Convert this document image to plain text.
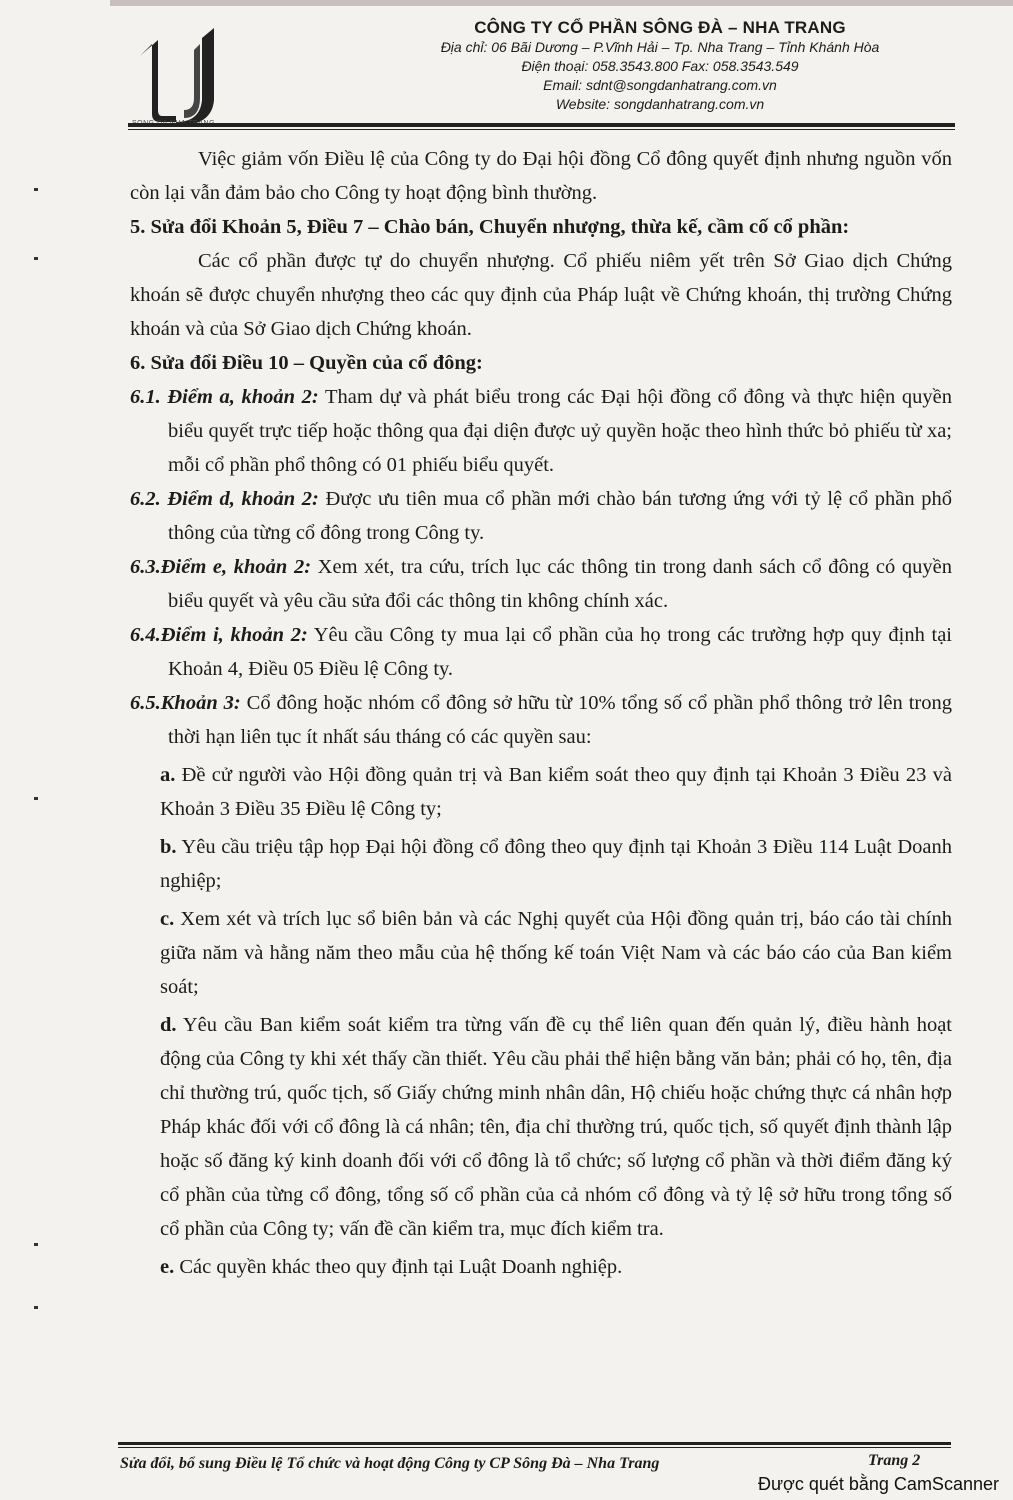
CÔNG TY CỔ PHẦN SÔNG ĐÀ – NHA TRANG
Địa chỉ: 06 Bãi Dương – P.Vĩnh Hải – Tp. Nha Trang – Tỉnh Khánh Hòa
Điện thoại: 058.3543.800 Fax: 058.3543.549
Email: sdnt@songdanhatrang.com.vn
Website: songdanhatrang.com.vn

Việc giảm vốn Điều lệ của Công ty do Đại hội đồng Cổ đông quyết định nhưng nguồn vốn còn lại vẫn đảm bảo cho Công ty hoạt động bình thường.

5. Sửa đổi Khoản 5, Điều 7 – Chào bán, Chuyển nhượng, thừa kế, cầm cố cổ phần:

Các cổ phần được tự do chuyển nhượng. Cổ phiếu niêm yết trên Sở Giao dịch Chứng khoán sẽ được chuyển nhượng theo các quy định của Pháp luật về Chứng khoán, thị trường Chứng khoán và của Sở Giao dịch Chứng khoán.

6. Sửa đổi Điều 10 – Quyền của cổ đông:

6.1. Điểm a, khoản 2: Tham dự và phát biểu trong các Đại hội đồng cổ đông và thực hiện quyền biểu quyết trực tiếp hoặc thông qua đại diện được uỷ quyền hoặc theo hình thức bỏ phiếu từ xa; mỗi cổ phần phổ thông có 01 phiếu biểu quyết.

6.2. Điểm d, khoản 2: Được ưu tiên mua cổ phần mới chào bán tương ứng với tỷ lệ cổ phần phổ thông của từng cổ đông trong Công ty.

6.3.Điểm e, khoản 2: Xem xét, tra cứu, trích lục các thông tin trong danh sách cổ đông có quyền biểu quyết và yêu cầu sửa đổi các thông tin không chính xác.

6.4.Điểm i, khoản 2: Yêu cầu Công ty mua lại cổ phần của họ trong các trường hợp quy định tại Khoản 4, Điều 05 Điều lệ Công ty.

6.5.Khoản 3: Cổ đông hoặc nhóm cổ đông sở hữu từ 10% tổng số cổ phần phổ thông trở lên trong thời hạn liên tục ít nhất sáu tháng có các quyền sau:

a. Đề cử người vào Hội đồng quản trị và Ban kiểm soát theo quy định tại Khoản 3 Điều 23 và Khoản 3 Điều 35 Điều lệ Công ty;

b. Yêu cầu triệu tập họp Đại hội đồng cổ đông theo quy định tại Khoản 3 Điều 114 Luật Doanh nghiệp;

c. Xem xét và trích lục sổ biên bản và các Nghị quyết của Hội đồng quản trị, báo cáo tài chính giữa năm và hằng năm theo mẫu của hệ thống kế toán Việt Nam và các báo cáo của Ban kiểm soát;

d. Yêu cầu Ban kiểm soát kiểm tra từng vấn đề cụ thể liên quan đến quản lý, điều hành hoạt động của Công ty khi xét thấy cần thiết. Yêu cầu phải thể hiện bằng văn bản; phải có họ, tên, địa chỉ thường trú, quốc tịch, số Giấy chứng minh nhân dân, Hộ chiếu hoặc chứng thực cá nhân hợp Pháp khác đối với cổ đông là cá nhân; tên, địa chỉ thường trú, quốc tịch, số quyết định thành lập hoặc số đăng ký kinh doanh đối với cổ đông là tổ chức; số lượng cổ phần và thời điểm đăng ký cổ phần của từng cổ đông, tổng số cổ phần của cả nhóm cổ đông và tỷ lệ sở hữu trong tổng số cổ phần của Công ty; vấn đề cần kiểm tra, mục đích kiểm tra.

e. Các quyền khác theo quy định tại Luật Doanh nghiệp.

Sửa đổi, bổ sung Điều lệ Tổ chức và hoạt động Công ty CP Sông Đà – Nha Trang	Trang 2
Được quét bằng CamScanner
